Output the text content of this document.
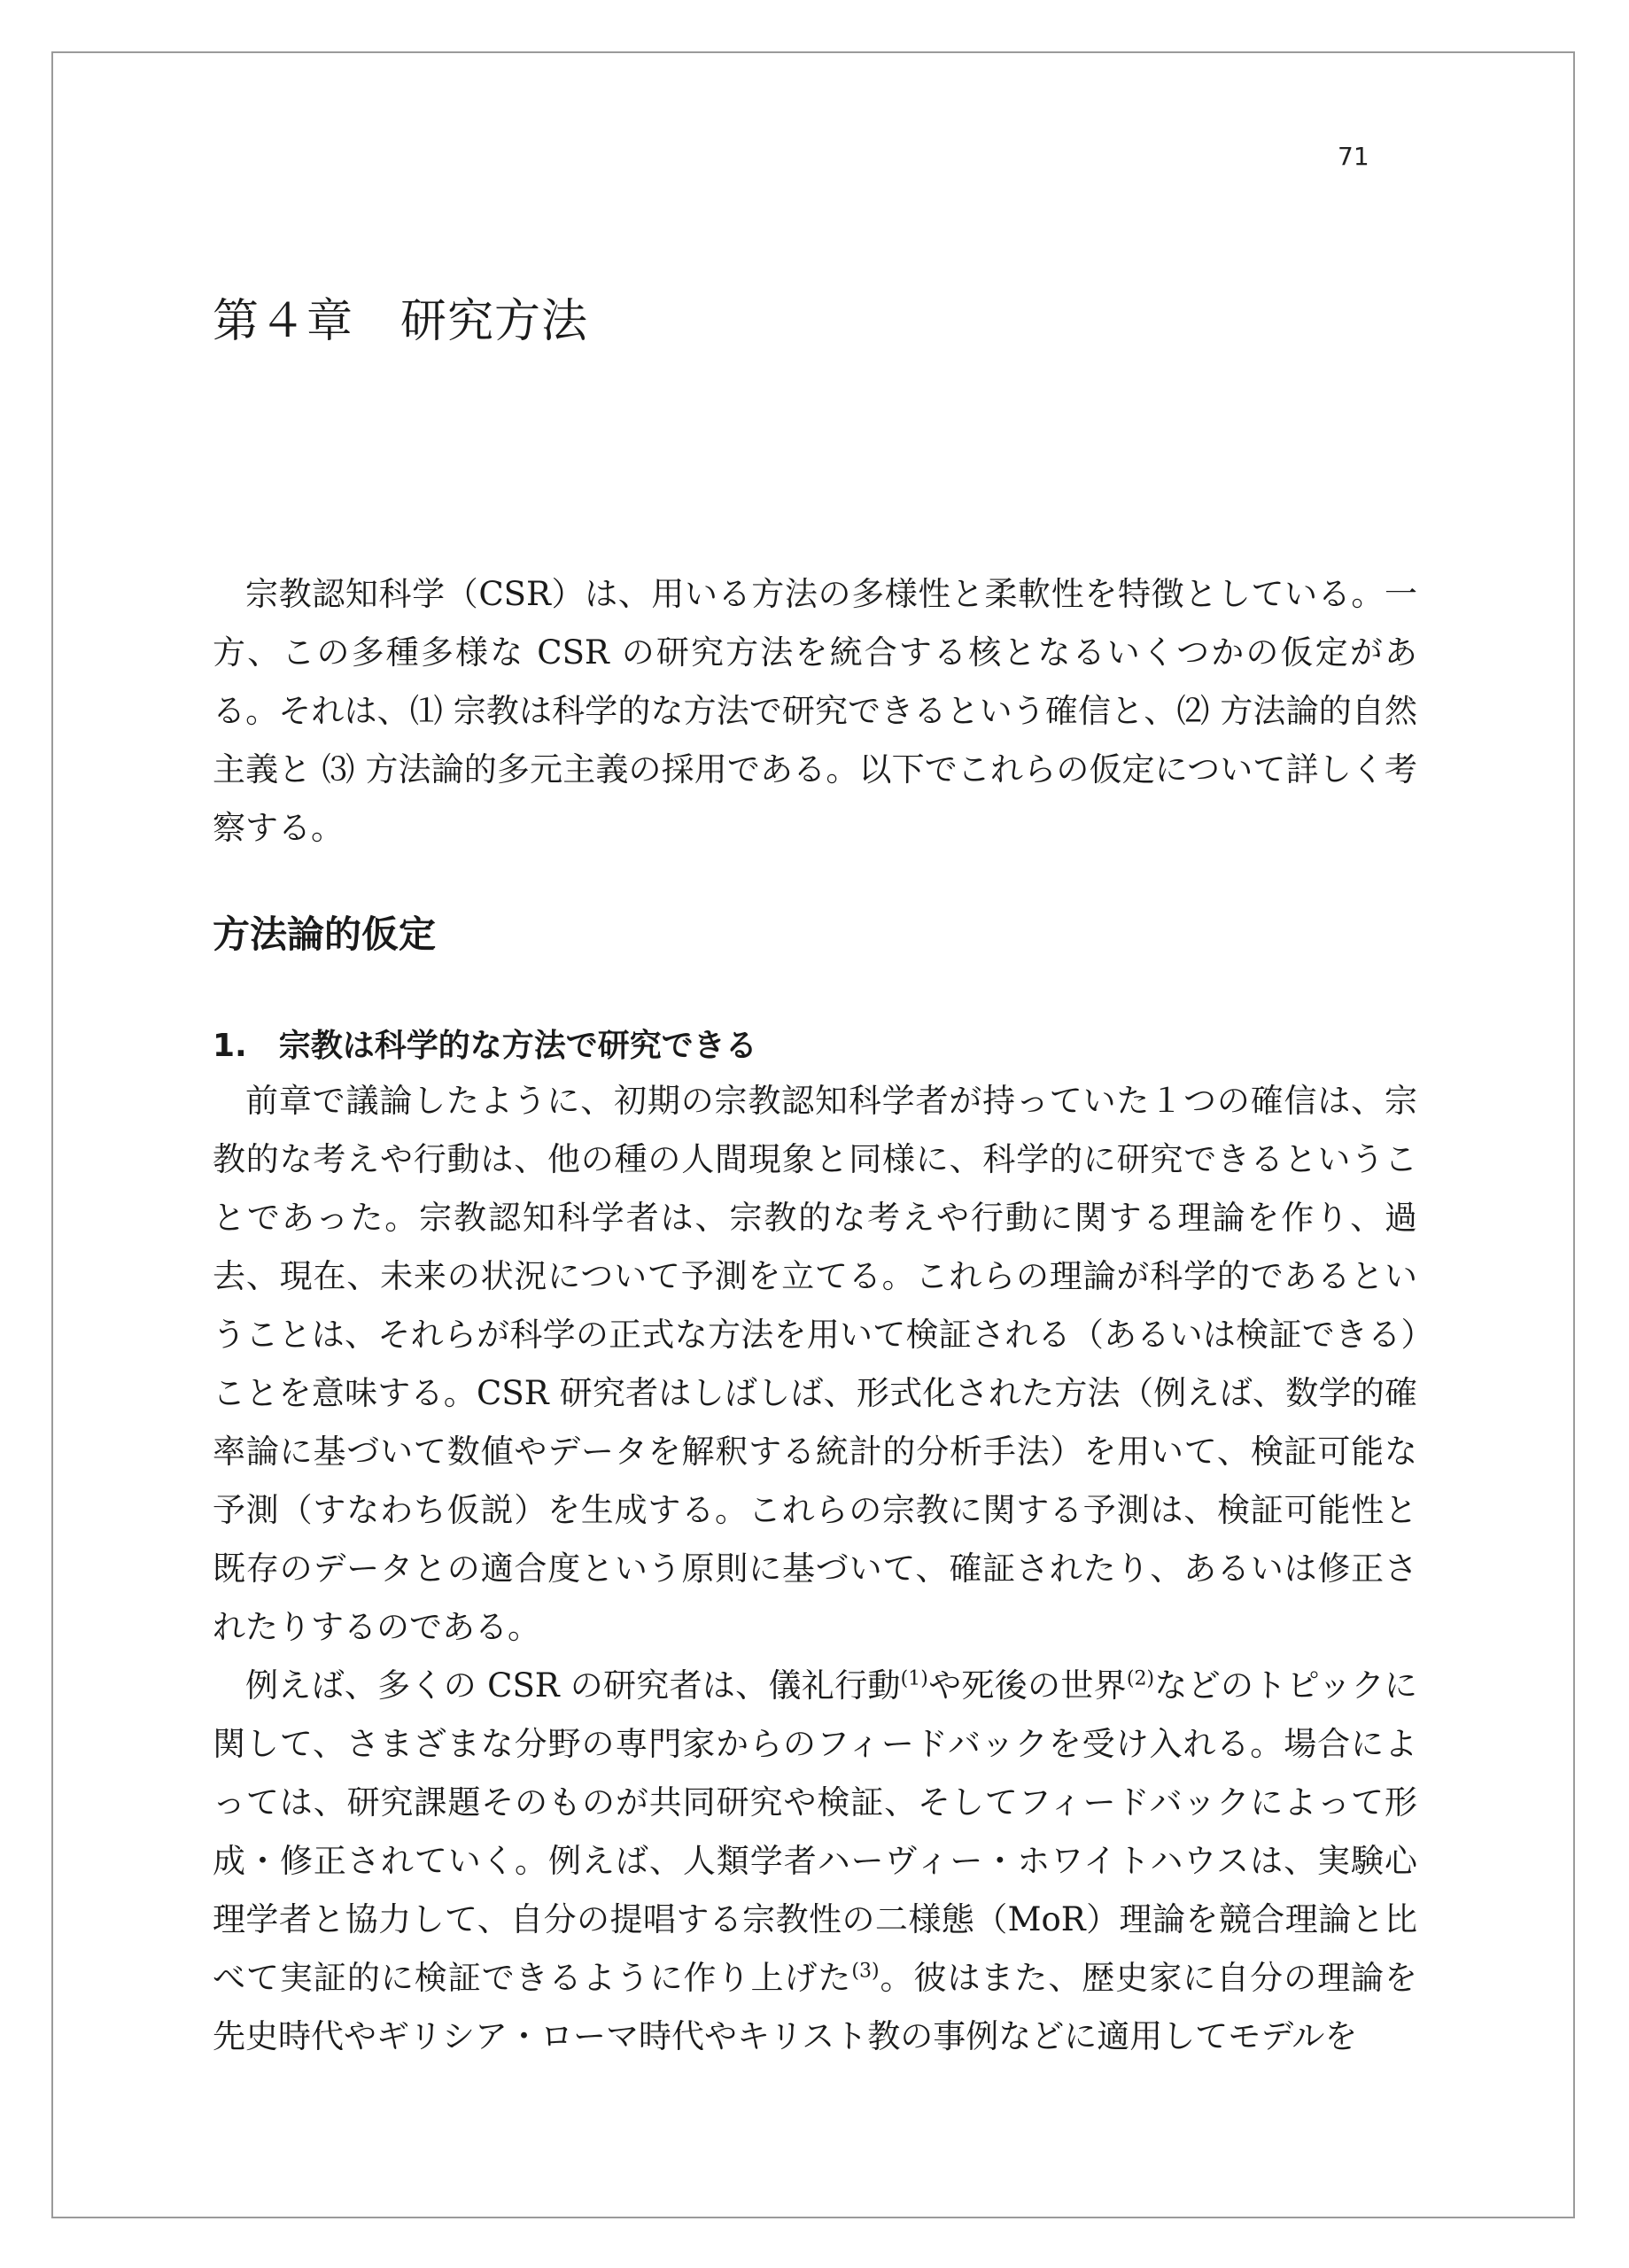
71
第４章　研究方法

宗教認知科学（CSR）は、用いる方法の多様性と柔軟性を特徴としている。一方、この多種多様な CSR の研究方法を統合する核となるいくつかの仮定がある。それは、⑴ 宗教は科学的な方法で研究できるという確信と、⑵ 方法論的自然主義と ⑶ 方法論的多元主義の採用である。以下でこれらの仮定について詳しく考察する。

方法論的仮定
1.　宗教は科学的な方法で研究できる

前章で議論したように、初期の宗教認知科学者が持っていた１つの確信は、宗教的な考えや行動は、他の種の人間現象と同様に、科学的に研究できるということであった。宗教認知科学者は、宗教的な考えや行動に関する理論を作り、過去、現在、未来の状況について予測を立てる。これらの理論が科学的であるということは、それらが科学の正式な方法を用いて検証される（あるいは検証できる）ことを意味する。CSR 研究者はしばしば、形式化された方法（例えば、数学的確率論に基づいて数値やデータを解釈する統計的分析手法）を用いて、検証可能な予測（すなわち仮説）を生成する。これらの宗教に関する予測は、検証可能性と既存のデータとの適合度という原則に基づいて、確証されたり、あるいは修正されたりするのである。

例えば、多くの CSR の研究者は、儀礼行動$^{(1)}$や死後の世界$^{(2)}$などのトピックに関して、さまざまな分野の専門家からのフィードバックを受け入れる。場合によっては、研究課題そのものが共同研究や検証、そしてフィードバックによって形成・修正されていく。例えば、人類学者ハーヴィー・ホワイトハウスは、実験心理学者と協力して、自分の提唱する宗教性の二様態（MoR）理論を競合理論と比べて実証的に検証できるように作り上げた$^{(3)}$。彼はまた、歴史家に自分の理論を先史時代やギリシア・ローマ時代やキリスト教の事例などに適用してモデルを
